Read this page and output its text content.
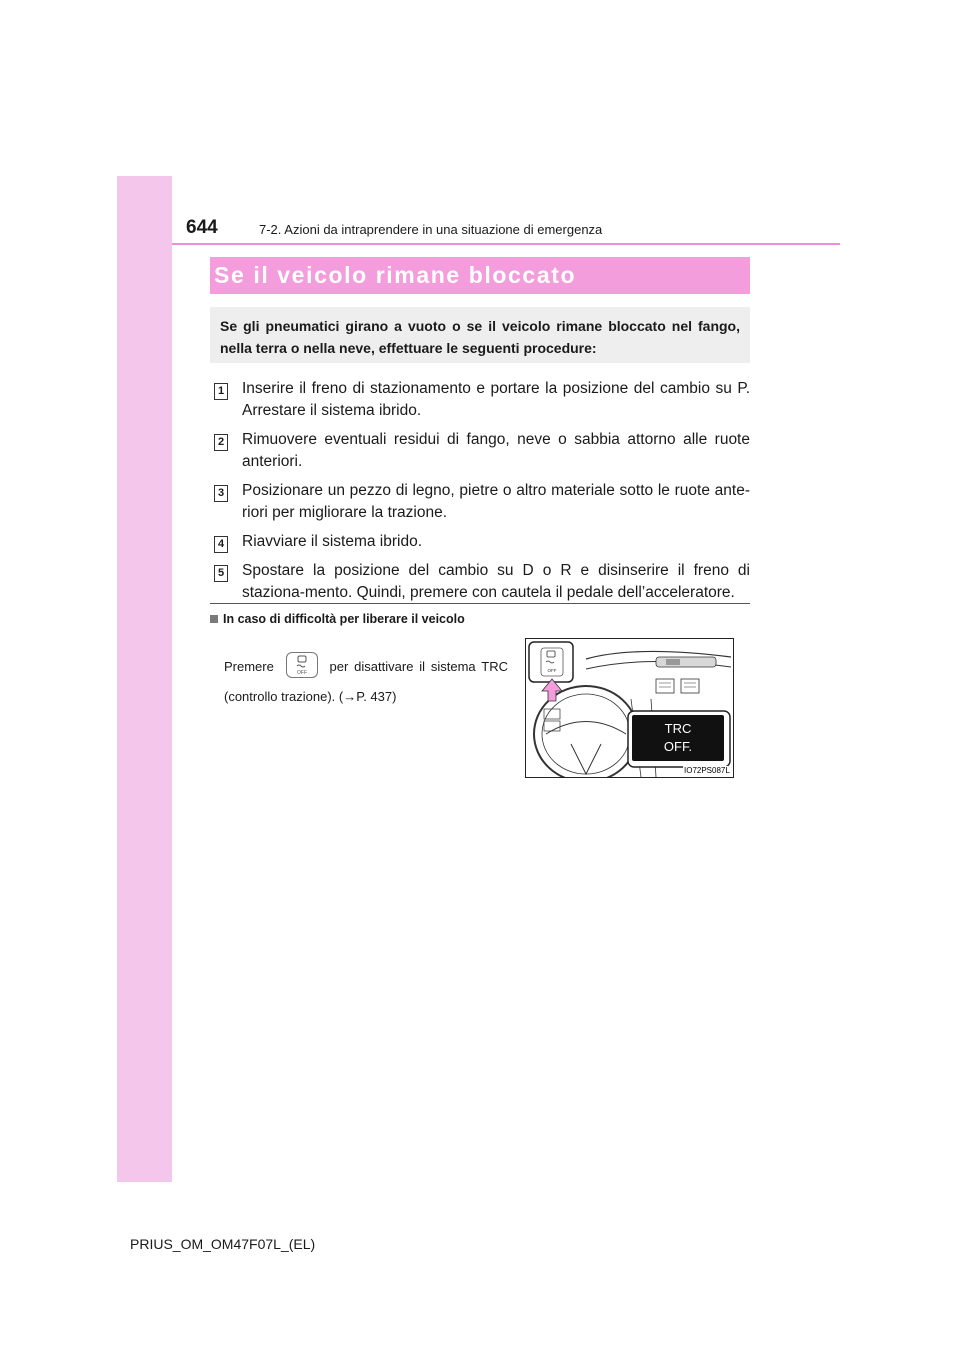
644	7-2. Azioni da intraprendere in una situazione di emergenza
Se il veicolo rimane bloccato
Se gli pneumatici girano a vuoto o se il veicolo rimane bloccato nel fango, nella terra o nella neve, effettuare le seguenti procedure:
1 Inserire il freno di stazionamento e portare la posizione del cambio su P. Arrestare il sistema ibrido.
2 Rimuovere eventuali residui di fango, neve o sabbia attorno alle ruote anteriori.
3 Posizionare un pezzo di legno, pietre o altro materiale sotto le ruote ante-riori per migliorare la trazione.
4 Riavviare il sistema ibrido.
5 Spostare la posizione del cambio su D o R e disinserire il freno di staziona-mento. Quindi, premere con cautela il pedale dell’acceleratore.
In caso di difficoltà per liberare il veicolo
Premere	OFF per disattivare il sistema TRC
(controllo trazione). (→P. 437)
OFF
TRC
OFF.
IO72PS087L
PRIUS_OM_OM47F07L_(EL)
